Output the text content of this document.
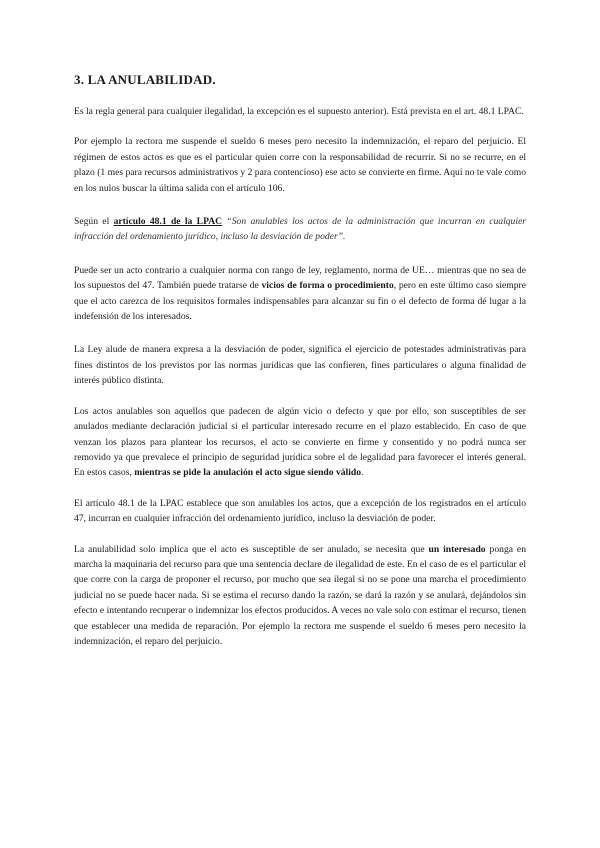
3. LA ANULABILIDAD.

Es la regla general para cualquier ilegalidad, la excepción es el supuesto anterior). Está prevista en el art. 48.1 LPAC.

Por ejemplo la rectora me suspende el sueldo 6 meses pero necesito la indemnización, el reparo del perjuicio. El régimen de estos actos es que es el particular quien corre con la responsabilidad de recurrir. Si no se recurre, en el plazo (1 mes para recursos administrativos y 2 para contencioso) ese acto se convierte en firme. Aquí no te vale como en los nulos buscar la última salida con el artículo 106.

Según el artículo 48.1 de la LPAC “Son anulables los actos de la administración que incurran en cualquier infracción del ordenamiento jurídico, incluso la desviación de poder”.

Puede ser un acto contrario a cualquier norma con rango de ley, reglamento, norma de UE… mientras que no sea de los supuestos del 47. También puede tratarse de vicios de forma o procedimiento, pero en este último caso siempre que el acto carezca de los requisitos formales indispensables para alcanzar su fin o el defecto de forma dé lugar a la indefensión de los interesados.

La Ley alude de manera expresa a la desviación de poder, significa el ejercicio de potestades administrativas para fines distintos de los previstos por las normas jurídicas que las confieren, fines particulares o alguna finalidad de interés público distinta.

Los actos anulables son aquellos que padecen de algún vicio o defecto y que por ello, son susceptibles de ser anulados mediante declaración judicial si el particular interesado recurre en el plazo establecido. En caso de que venzan los plazos para plantear los recursos, el acto se convierte en firme y consentido y no podrá nunca ser removido ya que prevalece el principio de seguridad jurídica sobre el de legalidad para favorecer el interés general. En estos casos, mientras se pide la anulación el acto sigue siendo válido.

El artículo 48.1 de la LPAC establece que son anulables los actos, que a excepción de los registrados en el artículo 47, incurran en cualquier infracción del ordenamiento jurídico, incluso la desviación de poder.

La anulabilidad solo implica que el acto es susceptible de ser anulado, se necesita que un interesado ponga en marcha la maquinaria del recurso para que una sentencia declare de ilegalidad de este. En el caso de es el particular el que corre con la carga de proponer el recurso, por mucho que sea ilegal si no se pone una marcha el procedimiento judicial no se puede hacer nada. Si se estima el recurso dando la razón, se dará la razón y se anulará, dejándolos sin efecto e intentando recuperar o indemnizar los efectos producidos. A veces no vale solo con estimar el recurso, tienen que establecer una medida de reparación. Por ejemplo la rectora me suspende el sueldo 6 meses pero necesito la indemnización, el reparo del perjuicio.
